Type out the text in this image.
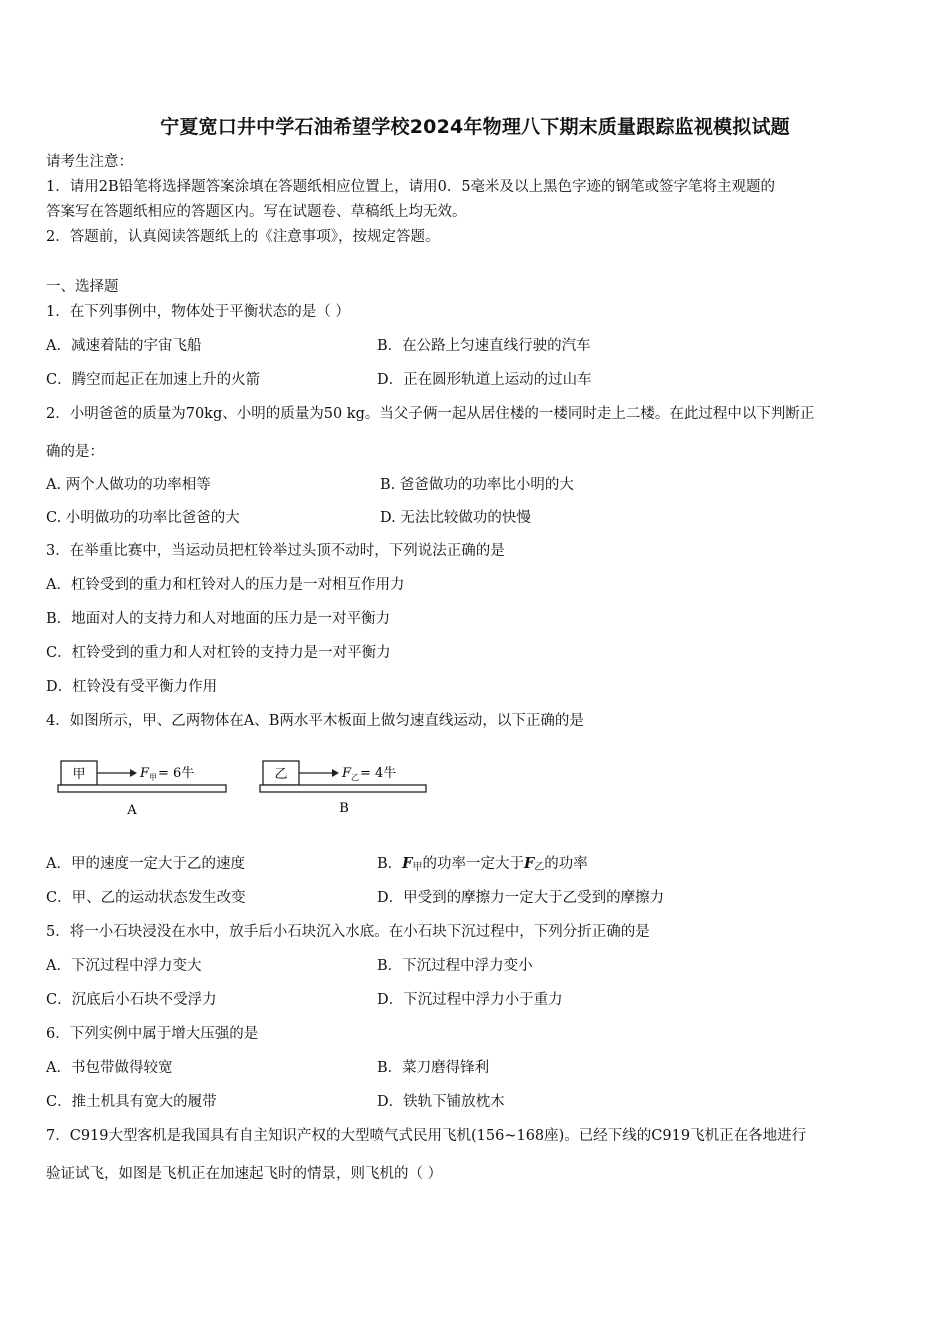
宁夏宽口井中学石油希望学校2024年物理八下期末质量跟踪监视模拟试题
请考生注意：
1．请用2B铅笔将选择题答案涂填在答题纸相应位置上，请用0．5毫米及以上黑色字迹的钢笔或签字笔将主观题的
答案写在答题纸相应的答题区内。写在试题卷、草稿纸上均无效。
2．答题前，认真阅读答题纸上的《注意事项》，按规定答题。
一、选择题
1．在下列事例中，物体处于平衡状态的是（ ）
A．减速着陆的宇宙飞船	B．在公路上匀速直线行驶的汽车
C．腾空而起正在加速上升的火箭	D．正在圆形轨道上运动的过山车
2．小明爸爸的质量为70kg、小明的质量为50 kg。当父子俩一起从居住楼的一楼同时走上二楼。在此过程中以下判断正
确的是：
A. 两个人做功的功率相等	B. 爸爸做功的功率比小明的大
C. 小明做功的功率比爸爸的大	D. 无法比较做功的快慢
3．在举重比赛中，当运动员把杠铃举过头顶不动时，下列说法正确的是
A．杠铃受到的重力和杠铃对人的压力是一对相互作用力
B．地面对人的支持力和人对地面的压力是一对平衡力
C．杠铃受到的重力和人对杠铃的支持力是一对平衡力
D．杠铃没有受平衡力作用
4．如图所示，甲、乙两物体在A、B两水平木板面上做匀速直线运动，以下正确的是
甲	$F_甲= 6$牛
A
乙	$F_乙= 4$牛
B
A．甲的速度一定大于乙的速度	B．$F_甲$的功率一定大于$F_乙$的功率
C．甲、乙的运动状态发生改变	D．甲受到的摩擦力一定大于乙受到的摩擦力
5．将一小石块浸没在水中，放手后小石块沉入水底。在小石块下沉过程中，下列分折正确的是
A．下沉过程中浮力变大	B．下沉过程中浮力变小
C．沉底后小石块不受浮力	D．下沉过程中浮力小于重力
6．下列实例中属于增大压强的是
A．书包带做得较宽	B．菜刀磨得锋利
C．推土机具有宽大的履带	D．铁轨下铺放枕木
7．C919大型客机是我国具有自主知识产权的大型喷气式民用飞机(156~168座)。已经下线的C919飞机正在各地进行
验证试飞，如图是飞机正在加速起飞时的情景，则飞机的（ ）
